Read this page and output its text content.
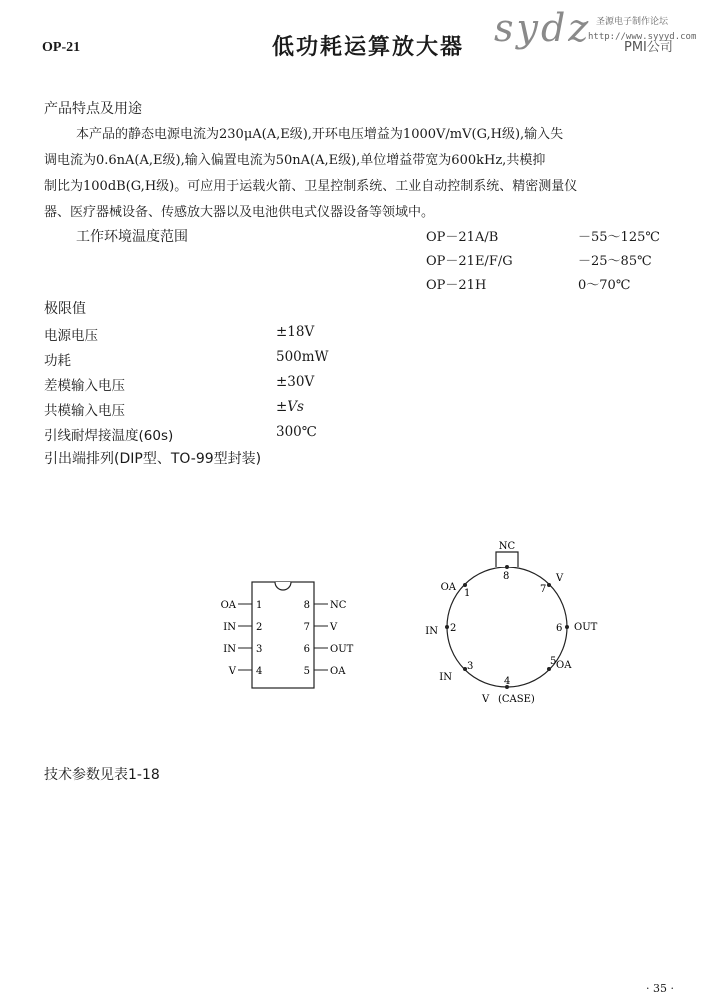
OP-21	低功耗运算放大器 sydz 圣源电子制作论坛
http://www.syyyd.com
PMI公司
产品特点及用途
本产品的静态电源电流为230μA(A,E级),开环电压增益为1000V/mV(G,H级),输入失
调电流为0.6nA(A,E级),输入偏置电流为50nA(A,E级),单位增益带宽为600kHz,共模抑
制比为100dB(G,H级)。可应用于运载火箭、卫星控制系统、工业自动控制系统、精密测量仪
器、医疗器械设备、传感放大器以及电池供电式仪器设备等领域中。
工作环境温度范围	OP－21A/B	－55～125℃
OP－21E/F/G	－25～85℃
OP－21H	0～70℃
极限值
电源电压	±18V
功耗	500mW
差模输入电压	±30V
共模输入电压	±Vs
引线耐焊接温度(60s)	300℃
引出端排列(DIP型、TO-99型封装)
1
2
3
4
OA
IN
IN
V
8
7
6
5
NC
V
OUT
OA
NC
8
7
6
5
4
3
2
1
V
OUT
OA
IN
IN
OA
V (CASE)
技术参数见表1-18
· 35 ·
